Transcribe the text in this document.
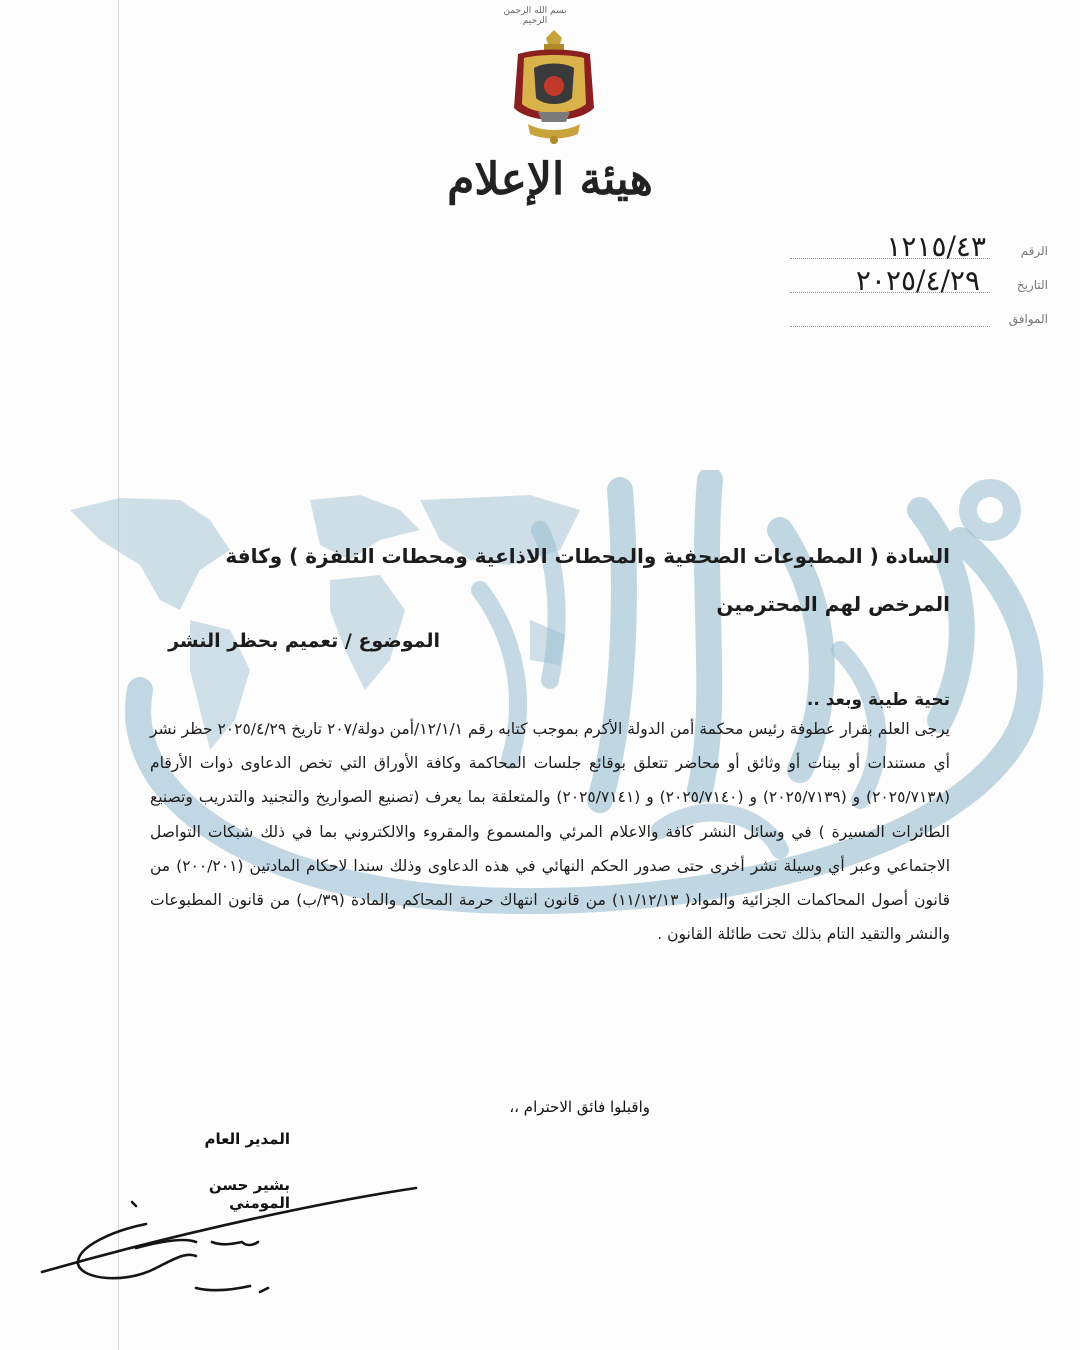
بسم الله الرحمن الرحيم
هيئة الإعلام
الرقم
١٢١٥/٤٣
التاريخ
٢٠٢٥/٤/٢٩
الموافق
السادة ( المطبوعات الصحفية والمحطات الاذاعية ومحطات التلفزة ) وكافة المرخص لهم المحترمين
الموضوع / تعميم بحظر النشر
تحية طيبة وبعد ..
يرجى العلم بقرار عطوفة رئيس محكمة أمن الدولة الأكرم بموجب كتابه رقم ١٢/١/١/أمن دولة/٢٠٧ تاريخ ٢٠٢٥/٤/٢٩ حظر نشر أي مستندات أو بينات أو وثائق أو محاضر تتعلق بوقائع جلسات المحاكمة وكافة الأوراق التي تخص الدعاوى ذوات الأرقام (٢٠٢٥/٧١٣٨) و (٢٠٢٥/٧١٣٩) و (٢٠٢٥/٧١٤٠) و (٢٠٢٥/٧١٤١) والمتعلقة بما يعرف (تصنيع الصواريخ والتجنيد والتدريب وتصنيع الطائرات المسيرة ) في وسائل النشر كافة والاعلام المرئي والمسموع والمقروء والالكتروني بما في ذلك شبكات التواصل الاجتماعي وعبر أي وسيلة نشر أخرى حتى صدور الحكم النهائي في هذه الدعاوى وذلك سندا لاحكام المادتين (٢٠٠/٢٠١) من قانون أصول المحاكمات الجزائية والمواد( ١١/١٢/١٣) من قانون انتهاك حرمة المحاكم والمادة (٣٩/ب) من قانون المطبوعات والنشر والتقيد التام بذلك تحت طائلة القانون .
واقبلوا فائق الاحترام ،،
المدير العام
بشير حسن المومني
